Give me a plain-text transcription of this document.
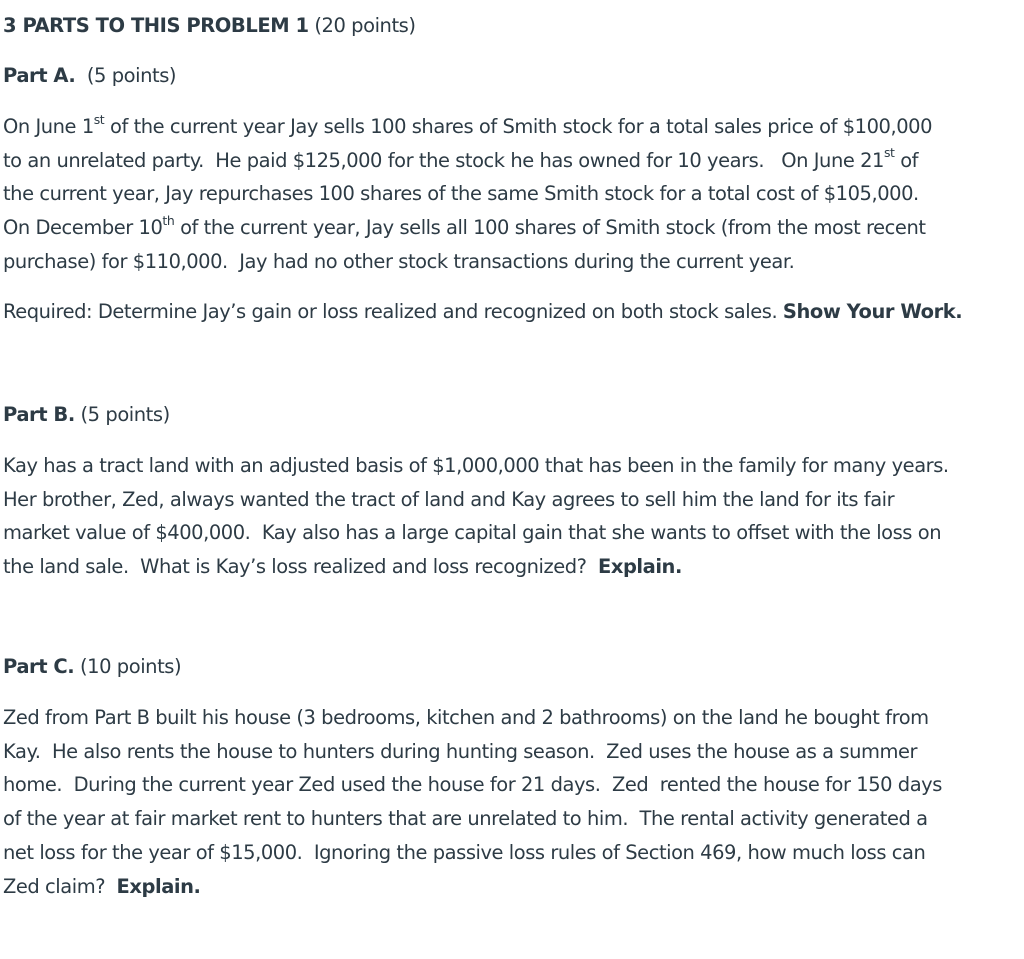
3 PARTS TO THIS PROBLEM 1 (20 points)
Part A.  (5 points)
On June 1st of the current year Jay sells 100 shares of Smith stock for a total sales price of $100,000
to an unrelated party.  He paid $125,000 for the stock he has owned for 10 years.   On June 21st of
the current year, Jay repurchases 100 shares of the same Smith stock for a total cost of $105,000.
On December 10th of the current year, Jay sells all 100 shares of Smith stock (from the most recent
purchase) for $110,000.  Jay had no other stock transactions during the current year.
Required: Determine Jay’s gain or loss realized and recognized on both stock sales. Show Your Work.
Part B. (5 points)
Kay has a tract land with an adjusted basis of $1,000,000 that has been in the family for many years.
Her brother, Zed, always wanted the tract of land and Kay agrees to sell him the land for its fair
market value of $400,000.  Kay also has a large capital gain that she wants to offset with the loss on
the land sale.  What is Kay’s loss realized and loss recognized?  Explain.
Part C. (10 points)
Zed from Part B built his house (3 bedrooms, kitchen and 2 bathrooms) on the land he bought from
Kay.  He also rents the house to hunters during hunting season.  Zed uses the house as a summer
home.  During the current year Zed used the house for 21 days.  Zed  rented the house for 150 days
of the year at fair market rent to hunters that are unrelated to him.  The rental activity generated a
net loss for the year of $15,000.  Ignoring the passive loss rules of Section 469, how much loss can
Zed claim?  Explain.
